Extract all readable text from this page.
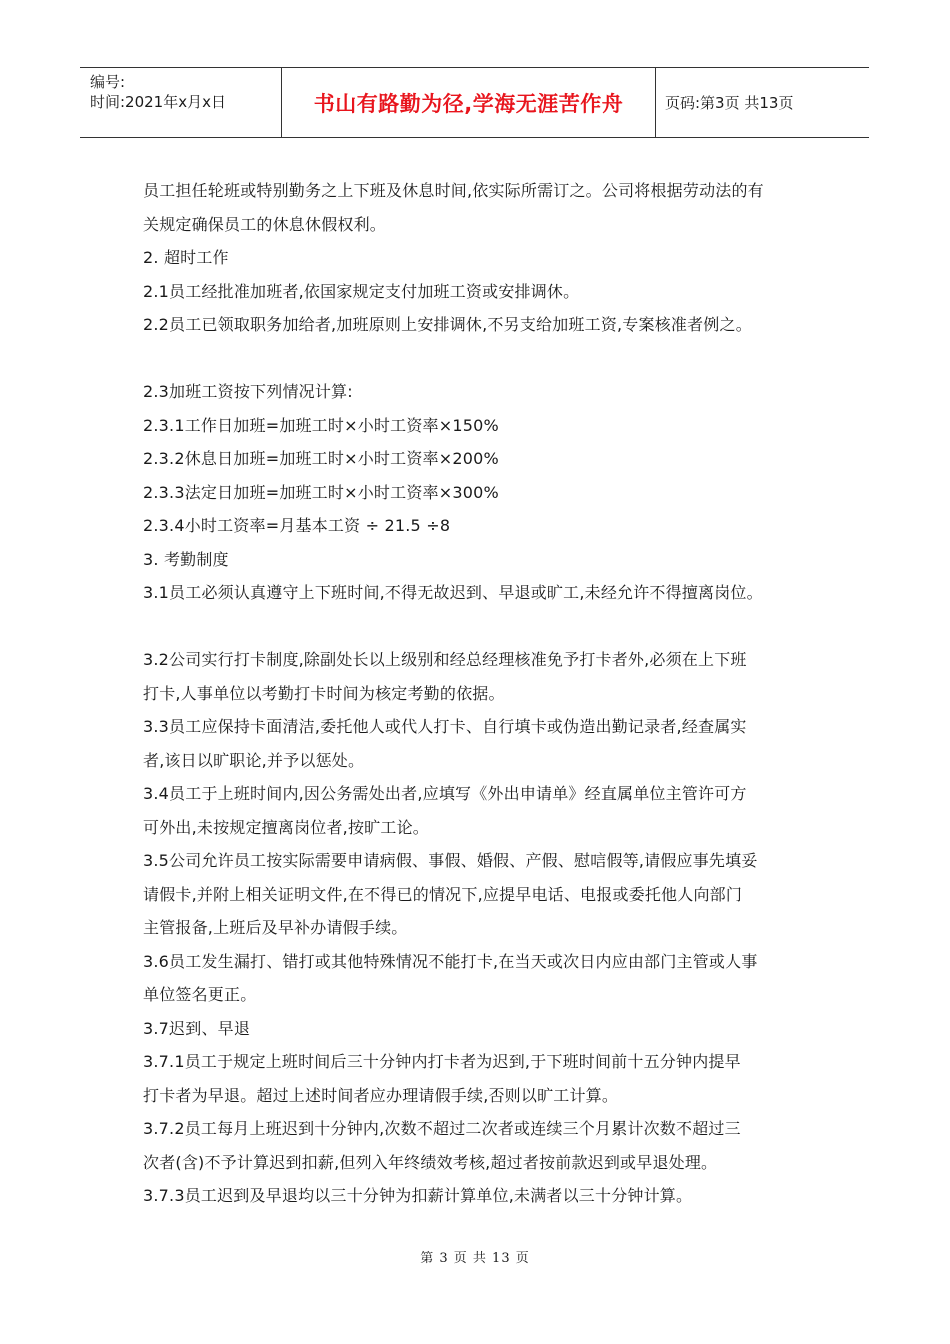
编号:
时间:2021年x月x日	书山有路勤为径,学海无涯苦作舟	页码:第3页 共13页
员工担任轮班或特别勤务之上下班及休息时间,依实际所需订之。公司将根据劳动法的有
关规定确保员工的休息休假权利。
2. 超时工作
2.1员工经批准加班者,依国家规定支付加班工资或安排调休。
2.2员工已领取职务加给者,加班原则上安排调休,不另支给加班工资,专案核准者例之。
2.3加班工资按下列情况计算:
2.3.1工作日加班=加班工时×小时工资率×150%
2.3.2休息日加班=加班工时×小时工资率×200%
2.3.3法定日加班=加班工时×小时工资率×300%
2.3.4小时工资率=月基本工资 ÷ 21.5 ÷8
3. 考勤制度
3.1员工必须认真遵守上下班时间,不得无故迟到、早退或旷工,未经允许不得擅离岗位。
3.2公司实行打卡制度,除副处长以上级别和经总经理核准免予打卡者外,必须在上下班
打卡,人事单位以考勤打卡时间为核定考勤的依据。
3.3员工应保持卡面清洁,委托他人或代人打卡、自行填卡或伪造出勤记录者,经查属实
者,该日以旷职论,并予以惩处。
3.4员工于上班时间内,因公务需处出者,应填写《外出申请单》经直属单位主管许可方
可外出,未按规定擅离岗位者,按旷工论。
3.5公司允许员工按实际需要申请病假、事假、婚假、产假、慰唁假等,请假应事先填妥
请假卡,并附上相关证明文件,在不得已的情况下,应提早电话、电报或委托他人向部门
主管报备,上班后及早补办请假手续。
3.6员工发生漏打、错打或其他特殊情况不能打卡,在当天或次日内应由部门主管或人事
单位签名更正。
3.7迟到、早退
3.7.1员工于规定上班时间后三十分钟内打卡者为迟到,于下班时间前十五分钟内提早
打卡者为早退。超过上述时间者应办理请假手续,否则以旷工计算。
3.7.2员工每月上班迟到十分钟内,次数不超过二次者或连续三个月累计次数不超过三
次者(含)不予计算迟到扣薪,但列入年终绩效考核,超过者按前款迟到或早退处理。
3.7.3员工迟到及早退均以三十分钟为扣薪计算单位,未满者以三十分钟计算。
第 3 页 共 13 页
